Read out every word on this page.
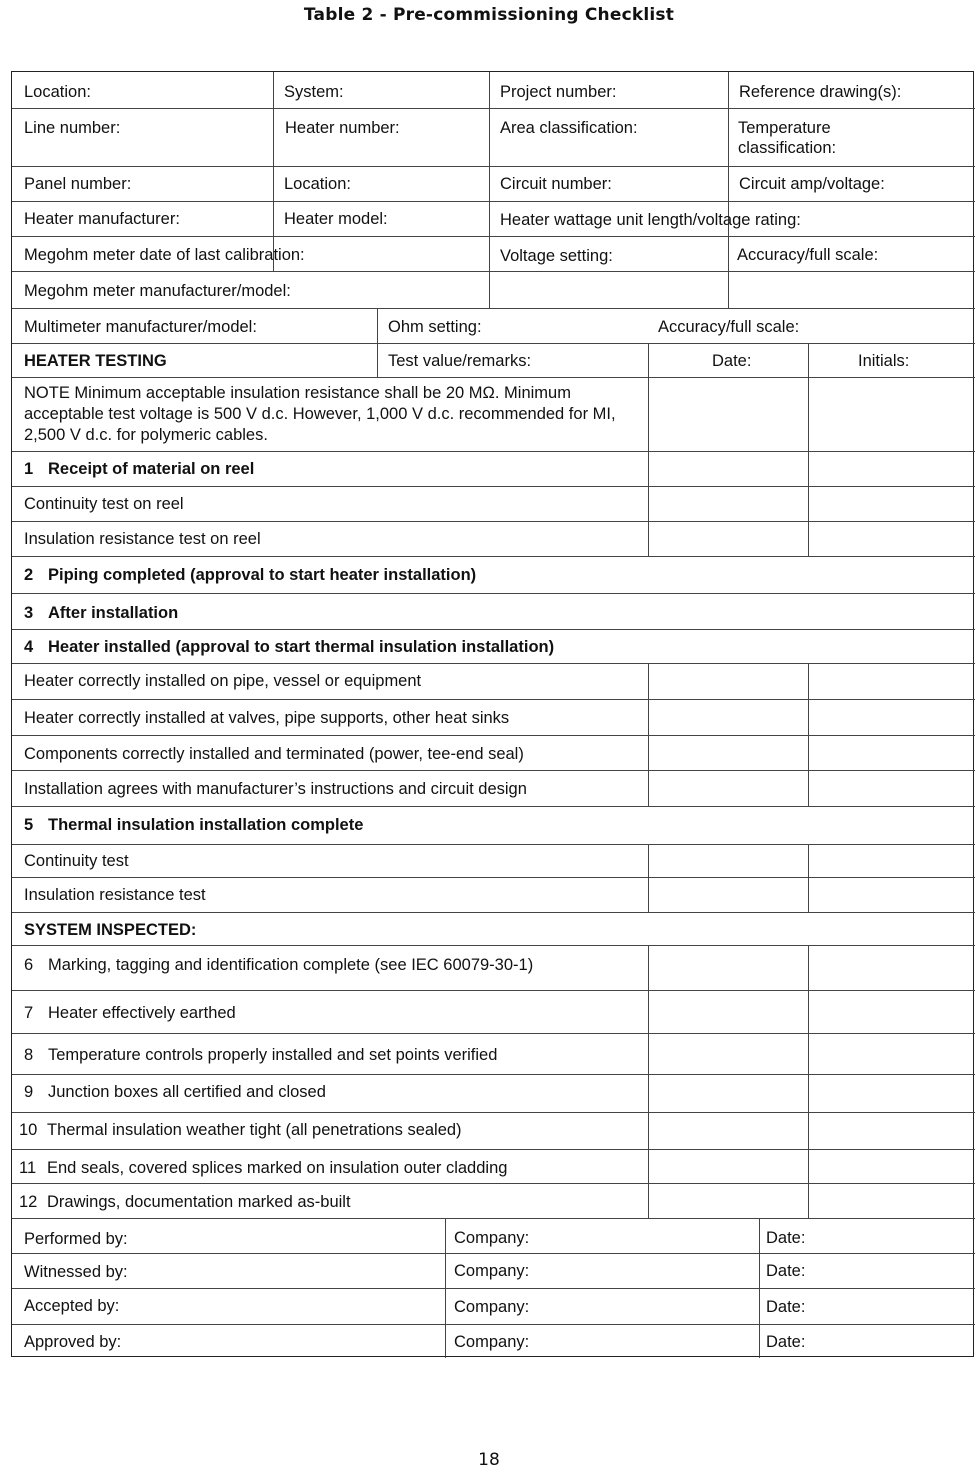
Table 2 - Pre-commissioning Checklist
Location:	System:	Project number:	Reference drawing(s):
Line number:	Heater number:	Area classification:	Temperature classification:
Panel number:	Location:	Circuit number:	Circuit amp/voltage:
Heater manufacturer:	Heater model:	Heater wattage unit length/voltage rating:
Megohm meter date of last calibration:	Voltage setting:	Accuracy/full scale:
Megohm meter manufacturer/model:
Multimeter manufacturer/model:	Ohm setting:	Accuracy/full scale:
HEATER TESTING	Test value/remarks:	Date:	Initials:
NOTE Minimum acceptable insulation resistance shall be 20 MΩ. Minimum acceptable test voltage is 500 V d.c. However, 1,000 V d.c. recommended for MI, 2,500 V d.c. for polymeric cables.
1 Receipt of material on reel
Continuity test on reel
Insulation resistance test on reel
2 Piping completed (approval to start heater installation)
3 After installation
4 Heater installed (approval to start thermal insulation installation)
Heater correctly installed on pipe, vessel or equipment
Heater correctly installed at valves, pipe supports, other heat sinks
Components correctly installed and terminated (power, tee-end seal)
Installation agrees with manufacturer’s instructions and circuit design
5 Thermal insulation installation complete
Continuity test
Insulation resistance test
SYSTEM INSPECTED:
6 Marking, tagging and identification complete (see IEC 60079-30-1)
7 Heater effectively earthed
8 Temperature controls properly installed and set points verified
9 Junction boxes all certified and closed
10 Thermal insulation weather tight (all penetrations sealed)
11 End seals, covered splices marked on insulation outer cladding
12 Drawings, documentation marked as-built
Performed by:	Company:	Date:
Witnessed by:	Company:	Date:
Accepted by:	Company:	Date:
Approved by:	Company:	Date:
18
